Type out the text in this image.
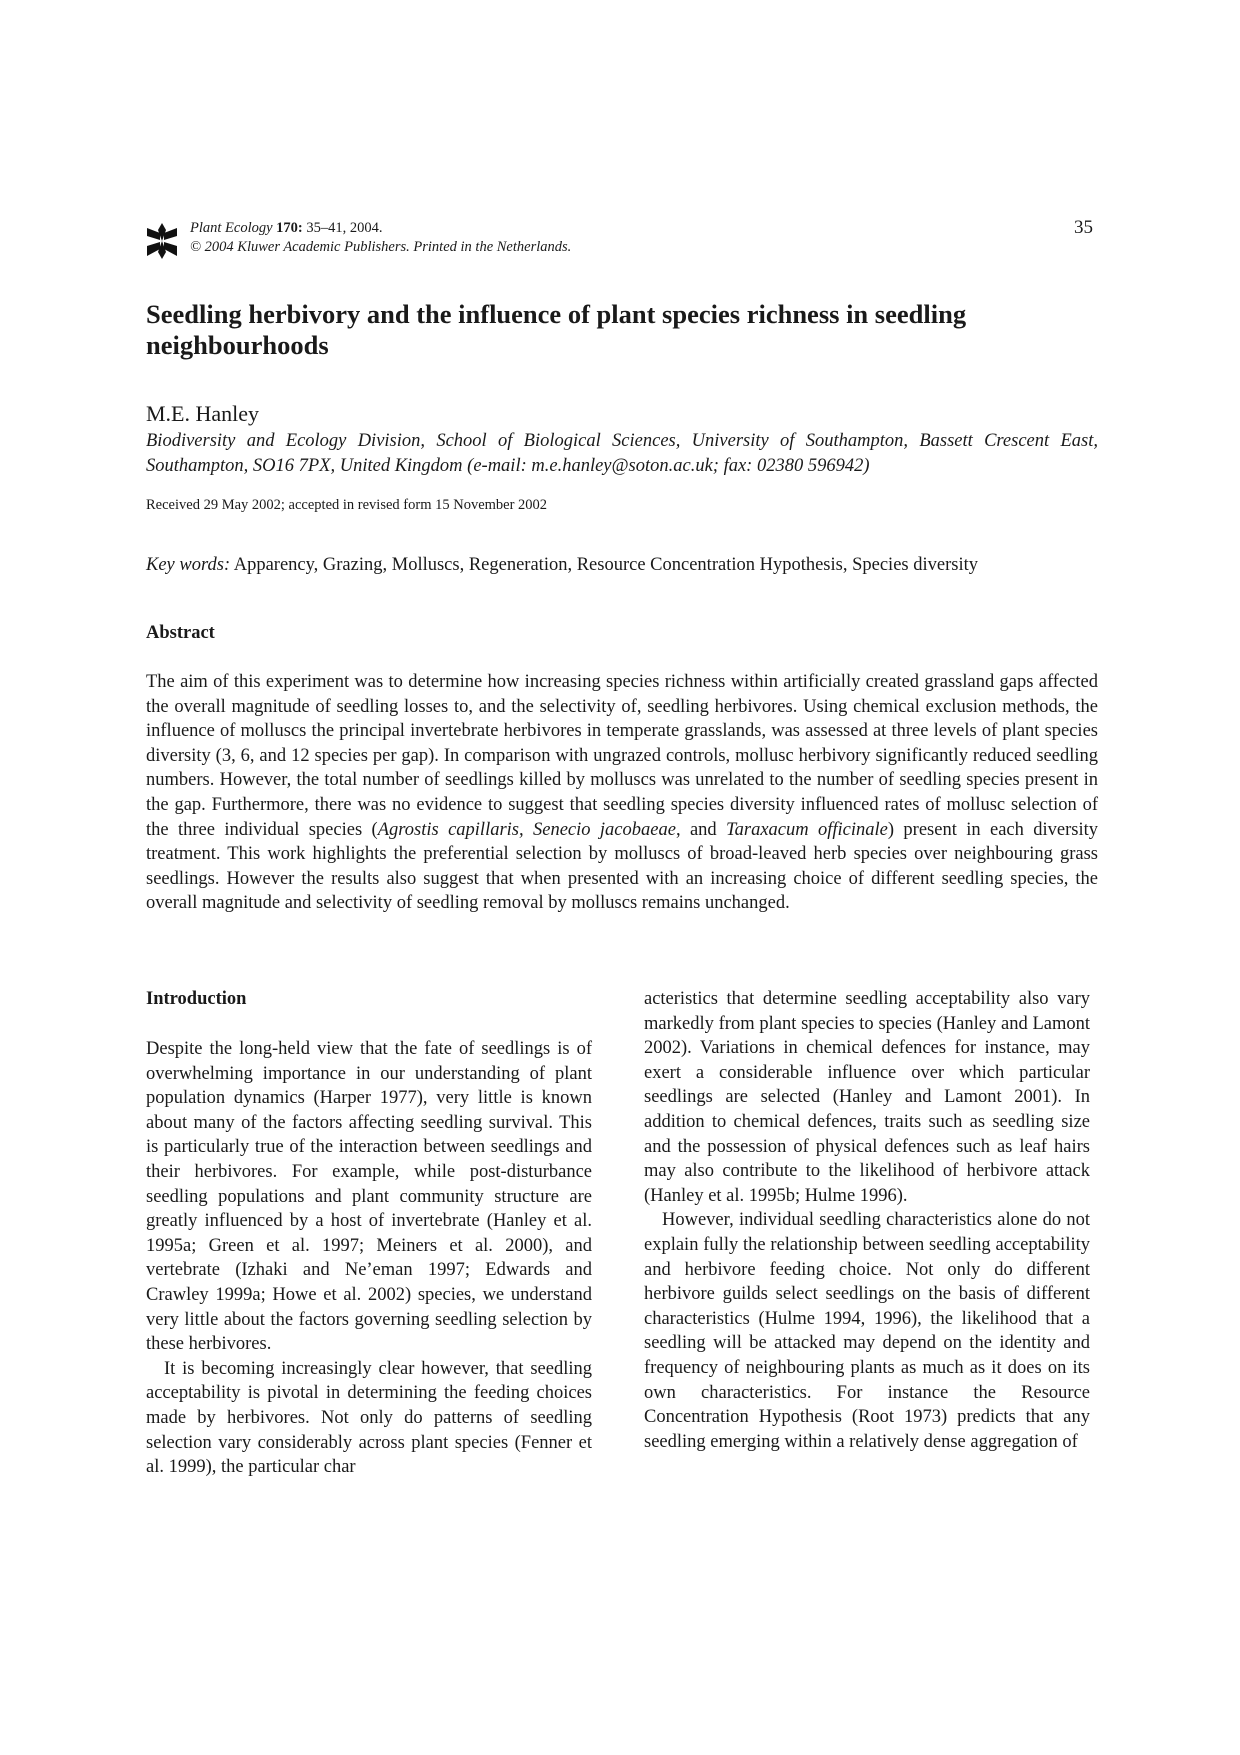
Plant Ecology 170: 35–41, 2004.
© 2004 Kluwer Academic Publishers. Printed in the Netherlands.
35
Seedling herbivory and the influence of plant species richness in seedling neighbourhoods
M.E. Hanley
Biodiversity and Ecology Division, School of Biological Sciences, University of Southampton, Bassett Crescent East, Southampton, SO16 7PX, United Kingdom (e-mail: m.e.hanley@soton.ac.uk; fax: 02380 596942)
Received 29 May 2002; accepted in revised form 15 November 2002
Key words: Apparency, Grazing, Molluscs, Regeneration, Resource Concentration Hypothesis, Species diversity
Abstract
The aim of this experiment was to determine how increasing species richness within artificially created grassland gaps affected the overall magnitude of seedling losses to, and the selectivity of, seedling herbivores. Using chemical exclusion methods, the influence of molluscs the principal invertebrate herbivores in temperate grasslands, was assessed at three levels of plant species diversity (3, 6, and 12 species per gap). In comparison with ungrazed controls, mollusc herbivory significantly reduced seedling numbers. However, the total number of seedlings killed by molluscs was unrelated to the number of seedling species present in the gap. Furthermore, there was no evidence to suggest that seedling species diversity influenced rates of mollusc selection of the three individual species (Agrostis capillaris, Senecio jacobaeae, and Taraxacum officinale) present in each diversity treatment. This work highlights the preferential selection by molluscs of broad-leaved herb species over neighbouring grass seedlings. However the results also suggest that when presented with an increasing choice of different seedling species, the overall magnitude and selectivity of seedling removal by molluscs remains unchanged.
Introduction

Despite the long-held view that the fate of seedlings is of overwhelming importance in our understanding of plant population dynamics (Harper 1977), very little is known about many of the factors affecting seedling survival. This is particularly true of the interaction between seedlings and their herbivores. For example, while post-disturbance seedling populations and plant community structure are greatly influenced by a host of invertebrate (Hanley et al. 1995a; Green et al. 1997; Meiners et al. 2000), and vertebrate (Izhaki and Ne’eman 1997; Edwards and Crawley 1999a; Howe et al. 2002) species, we understand very little about the factors governing seedling selection by these herbivores.

It is becoming increasingly clear however, that seedling acceptability is pivotal in determining the feeding choices made by herbivores. Not only do patterns of seedling selection vary considerably across plant species (Fenner et al. 1999), the particular char

acteristics that determine seedling acceptability also vary markedly from plant species to species (Hanley and Lamont 2002). Variations in chemical defences for instance, may exert a considerable influence over which particular seedlings are selected (Hanley and Lamont 2001). In addition to chemical defences, traits such as seedling size and the possession of physical defences such as leaf hairs may also contribute to the likelihood of herbivore attack (Hanley et al. 1995b; Hulme 1996).

However, individual seedling characteristics alone do not explain fully the relationship between seedling acceptability and herbivore feeding choice. Not only do different herbivore guilds select seedlings on the basis of different characteristics (Hulme 1994, 1996), the likelihood that a seedling will be attacked may depend on the identity and frequency of neighbouring plants as much as it does on its own characteristics. For instance the Resource Concentration Hypothesis (Root 1973) predicts that any seedling emerging within a relatively dense aggregation of
